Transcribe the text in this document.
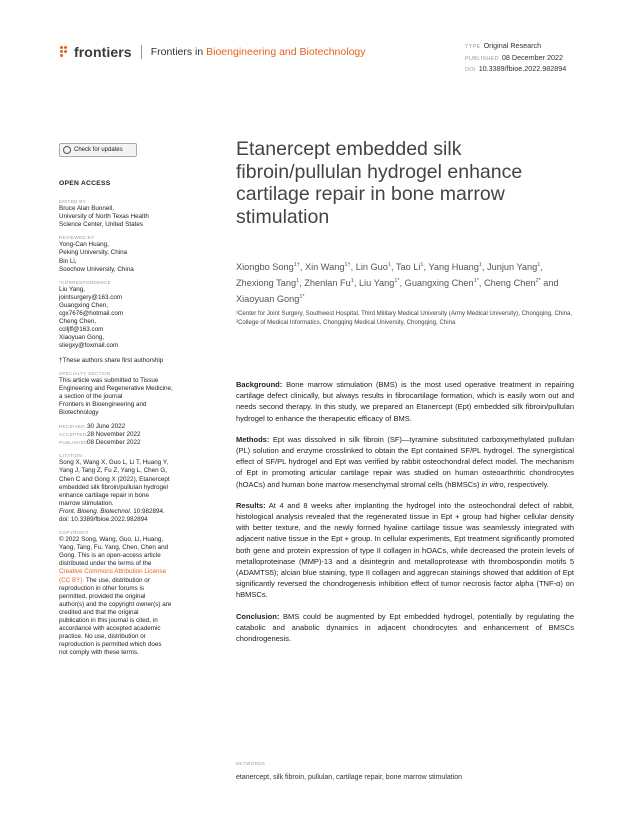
frontiers Frontiers in Bioengineering and Biotechnology	TYPE Original Research
PUBLISHED 08 December 2022
DOI 10.3389/fbioe.2022.982894
Check for updates
OPEN ACCESS
EDITED BY
Bruce Alan Bunnell,
University of North Texas Health
Science Center, United States
REVIEWED BY
Yong-Can Huang,
Peking University, China
Bin Li,
Soochow University, China
*CORRESPONDENCE
Liu Yang,
jointsurgery@163.com
Guangxing Chen,
cgx7676@hotmail.com
Cheng Chen,
cclljff@163.com
Xiaoyuan Gong,
sliegxy@foxmail.com
†These authors share first authorship
SPECIALTY SECTION
This article was submitted to Tissue
Engineering and Regenerative Medicine,
a section of the journal
Frontiers in Bioengineering and
Biotechnology
RECEIVED 30 June 2022
ACCEPTED28 November 2022
PUBLISHED08 December 2022
CITATION
Song X, Wang X, Guo L, Li T, Huang Y,
Yang J, Tang Z, Fu Z, Yang L, Chen G,
Chen C and Gong X (2022), Etanercept
embedded silk fibroin/pullulan hydrogel
enhance cartilage repair in bone
marrow stimulation.
Front. Bioeng. Biotechnol. 10:982894.
doi: 10.3389/fbioe.2022.982894
COPYRIGHT
© 2022 Song, Wang, Guo, Li, Huang,
Yang, Tang, Fu, Yang, Chen, Chen and
Gong. This is an open-access article
distributed under the terms of the
Creative Commons Attribution License
(CC BY). The use, distribution or
reproduction in other forums is
permitted, provided the original
author(s) and the copyright owner(s) are
credited and that the original
publication in this journal is cited, in
accordance with accepted academic
practice. No use, distribution or
reproduction is permitted which does
not comply with these terms.
Etanercept embedded silk fibroin/pullulan hydrogel enhance cartilage repair in bone marrow stimulation
Xiongbo Song$^{1\dagger}$, Xin Wang$^{1\dagger}$, Lin Guo$^1$, Tao Li$^1$, Yang Huang$^1$, Junjun Yang$^1$, Zhexiong Tang$^1$, Zhenlan Fu$^1$, Liu Yang$^{1*}$, Guangxing Chen$^{1*}$, Cheng Chen$^{2*}$ and Xiaoyuan Gong$^{1*}$
¹Center for Joint Surgery, Southwest Hospital, Third Military Medical University (Army Medical University), Chongqing, China, ²College of Medical Informatics, Chongqing Medical University, Chongqing, China

Background: Bone marrow stimulation (BMS) is the most used operative treatment in repairing cartilage defect clinically, but always results in fibrocartilage formation, which is easily worn out and needs second therapy. In this study, we prepared an Etanercept (Ept) embedded silk fibroin/pullulan hydrogel to enhance the therapeutic efficacy of BMS.

Methods: Ept was dissolved in silk fibroin (SF)—tyramine substituted carboxymethylated pullulan (PL) solution and enzyme crosslinked to obtain the Ept contained SF/PL hydrogel. The synergistical effect of SF/PL hydrogel and Ept was verified by rabbit osteochondral defect model. The mechanism of Ept in promoting articular cartilage repair was studied on human osteoarthritic chondrocytes (hOACs) and human bone marrow mesenchymal stromal cells (hBMSCs) in vitro, respectively.

Results: At 4 and 8 weeks after implanting the hydrogel into the osteochondral defect of rabbit, histological analysis revealed that the regenerated tissue in Ept + group had higher cellular density with better texture, and the newly formed hyaline cartilage tissue was seamlessly integrated with adjacent native tissue in the Ept + group. In cellular experiments, Ept treatment significantly promoted both gene and protein expression of type II collagen in hOACs, while decreased the protein levels of metalloproteinase (MMP)-13 and a disintegrin and metalloprotease with thrombospondin motifs 5 (ADAMTS5); alcian blue staining, type II collagen and aggrecan stainings showed that addition of Ept significantly reversed the chondrogenesis inhibition effect of tumor necrosis factor alpha (TNF-α) on hBMSCs.

Conclusion: BMS could be augmented by Ept embedded hydrogel, potentially by regulating the catabolic and anabolic dynamics in adjacent chondrocytes and enhancement of BMSCs chondrogenesis.

KEYWORDS
etanercept, silk fibroin, pullulan, cartilage repair, bone marrow stimulation
